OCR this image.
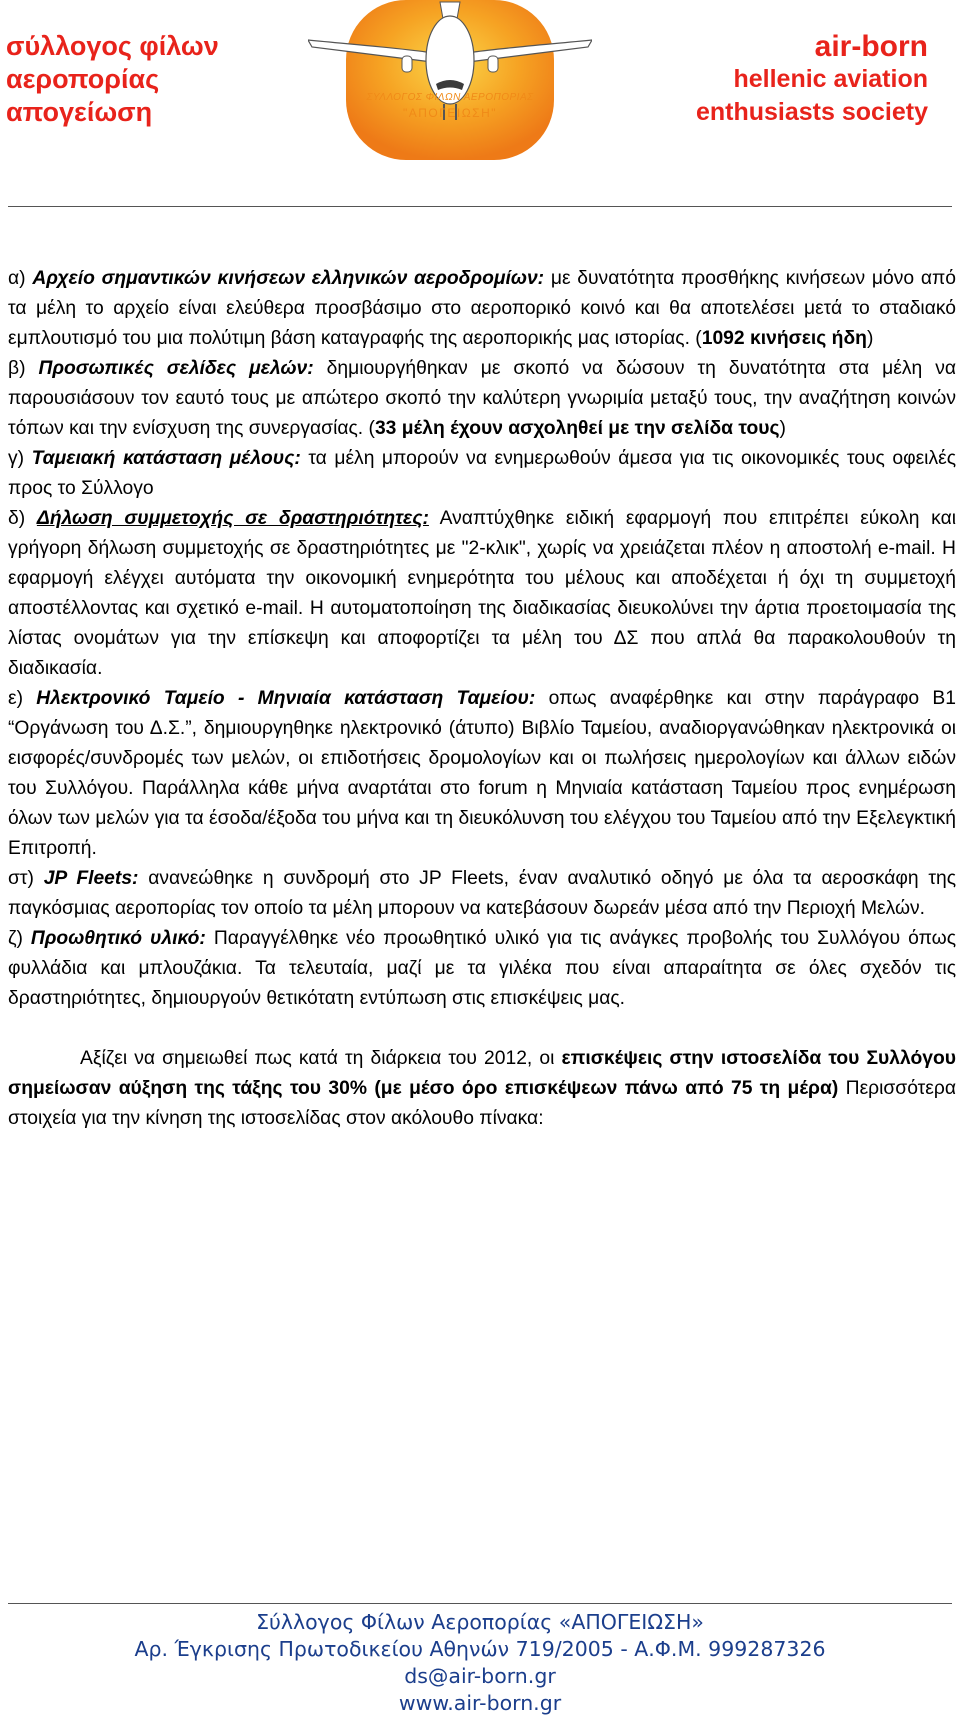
σύλλογος φίλων
αεροπορίας
απογείωση	ΣΥΛΛΟΓΟΣ ΦΙΛΩΝ ΑΕΡΟΠΟΡΙΑΣ
"ΑΠΟΓΕΙΩΣΗ"
air-born
hellenic aviation
enthusiasts society

α) Αρχείο σημαντικών κινήσεων ελληνικών αεροδρομίων: με δυνατότητα προσθήκης κινήσεων μόνο από τα μέλη το αρχείο είναι ελεύθερα προσβάσιμο στο αεροπορικό κοινό και θα αποτελέσει μετά το σταδιακό εμπλουτισμό του μια πολύτιμη βάση καταγραφής της αεροπορικής μας ιστορίας. (1092 κινήσεις ήδη)

β) Προσωπικές σελίδες μελών: δημιουργήθηκαν με σκοπό να δώσουν τη δυνατότητα στα μέλη να παρουσιάσουν τον εαυτό τους με απώτερο σκοπό την καλύτερη γνωριμία μεταξύ τους, την αναζήτηση κοινών τόπων και την ενίσχυση της συνεργασίας. (33 μέλη έχουν ασχοληθεί με την σελίδα τους)

γ) Ταμειακή κατάσταση μέλους: τα μέλη μπορούν να ενημερωθούν άμεσα για τις οικονομικές τους οφειλές προς το Σύλλογο

δ) Δήλωση συμμετοχής σε δραστηριότητες: Αναπτύχθηκε ειδική εφαρμογή που επιτρέπει εύκολη και γρήγορη δήλωση συμμετοχής σε δραστηριότητες με "2-κλικ", χωρίς να χρειάζεται πλέον η αποστολή e-mail. Η εφαρμογή ελέγχει αυτόματα την οικονομική ενημερότητα του μέλους και αποδέχεται ή όχι τη συμμετοχή αποστέλλοντας και σχετικό e-mail. Η αυτοματοποίηση της διαδικασίας διευκολύνει την άρτια προετοιμασία της λίστας ονομάτων για την επίσκεψη και αποφορτίζει τα μέλη του ΔΣ που απλά θα παρακολουθούν τη διαδικασία.

ε) Ηλεκτρονικό Ταμείο - Μηνιαία κατάσταση Ταμείου: οπως αναφέρθηκε και στην παράγραφο Β1 “Οργάνωση του Δ.Σ.”, δημιουργηθηκε ηλεκτρονικό (άτυπο) Βιβλίο Ταμείου, αναδιοργανώθηκαν ηλεκτρονικά οι εισφορές/συνδρομές των μελών, οι επιδοτήσεις δρομολογίων και οι πωλήσεις ημερολογίων και άλλων ειδών του Συλλόγου. Παράλληλα κάθε μήνα αναρτάται στο forum η Μηνιαία κατάσταση Ταμείου προς ενημέρωση όλων των μελών για τα έσοδα/έξοδα του μήνα και τη διευκόλυνση του ελέγχου του Ταμείου από την Εξελεγκτική Επιτροπή.

στ) JP Fleets: ανανεώθηκε η συνδρομή στο JP Fleets, έναν αναλυτικό οδηγό με όλα τα αεροσκάφη της παγκόσμιας αεροπορίας τον οποίο τα μέλη μπορουν να κατεβάσουν δωρεάν μέσα από την Περιοχή Μελών.

ζ) Προωθητικό υλικό: Παραγγέλθηκε νέο προωθητικό υλικό για τις ανάγκες προβολής του Συλλόγου όπως φυλλάδια και μπλουζάκια. Τα τελευταία, μαζί με τα γιλέκα που είναι απαραίτητα σε όλες σχεδόν τις δραστηριότητες, δημιουργούν θετικότατη εντύπωση στις επισκέψεις μας.

Αξίζει να σημειωθεί πως κατά τη διάρκεια του 2012, οι επισκέψεις στην ιστοσελίδα του Συλλόγου σημείωσαν αύξηση της τάξης του 30% (με μέσο όρο επισκέψεων πάνω από 75 τη μέρα) Περισσότερα στοιχεία για την κίνηση της ιστοσελίδας στον ακόλουθο πίνακα:

Σύλλογος Φίλων Αεροπορίας «ΑΠΟΓΕΙΩΣΗ»
Αρ. Έγκρισης Πρωτοδικείου Αθηνών 719/2005 - Α.Φ.Μ. 999287326
ds@air-born.gr
www.air-born.gr
